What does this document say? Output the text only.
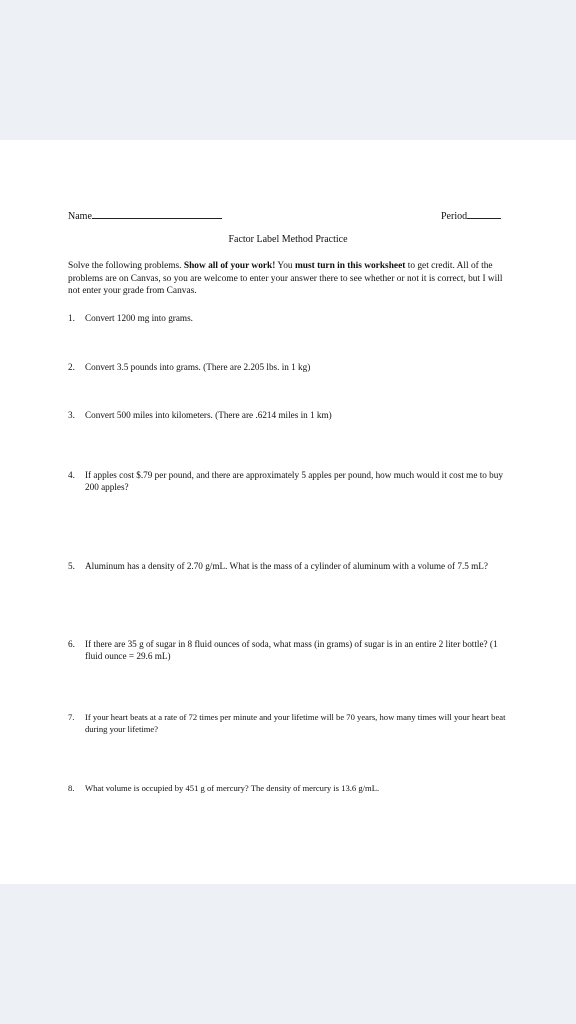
Name	Period
Factor Label Method Practice
Solve the following problems. Show all of your work! You must turn in this worksheet to get credit. All of the problems are on Canvas, so you are welcome to enter your answer there to see whether or not it is correct, but I will not enter your grade from Canvas.
1.	Convert 1200 mg into grams.
2.	Convert 3.5 pounds into grams. (There are 2.205 lbs. in 1 kg)
3.	Convert 500 miles into kilometers. (There are .6214 miles in 1 km)
4.	If apples cost $.79 per pound, and there are approximately 5 apples per pound, how much would it cost me to buy 200 apples?
5.	Aluminum has a density of 2.70 g/mL. What is the mass of a cylinder of aluminum with a volume of 7.5 mL?
6.	If there are 35 g of sugar in 8 fluid ounces of soda, what mass (in grams) of sugar is in an entire 2 liter bottle? (1 fluid ounce = 29.6 mL)
7.	If your heart beats at a rate of 72 times per minute and your lifetime will be 70 years, how many times will your heart beat during your lifetime?
8.	What volume is occupied by 451 g of mercury? The density of mercury is 13.6 g/mL.
